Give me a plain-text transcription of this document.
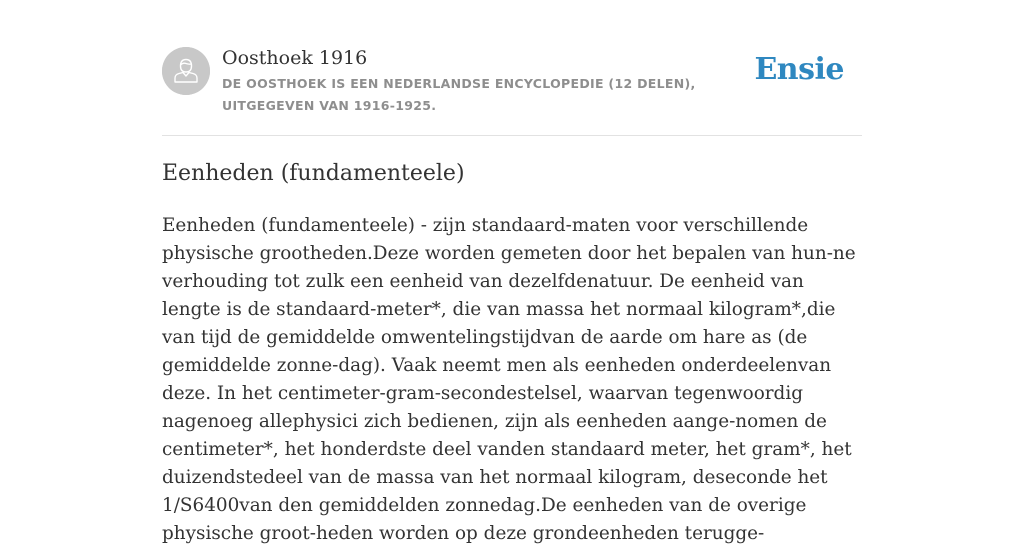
Oosthoek 1916
DE OOSTHOEK IS EEN NEDERLANDSE ENCYCLOPEDIE (12 DELEN), UITGEGEVEN VAN 1916-1925.
Ensie
Eenheden (fundamenteele)

Eenheden (fundamenteele) - zijn standaard-maten voor verschillende physische grootheden.Deze worden gemeten door het bepalen van hun-ne verhouding tot zulk een eenheid van dezelfdenatuur. De eenheid van lengte is de standaard-meter*, die van massa het normaal kilogram*,die van tijd de gemiddelde omwentelingstijdvan de aarde om hare as (de gemiddelde zonne-dag). Vaak neemt men als eenheden onderdeelenvan deze. In het centimeter-gram-secondestelsel, waarvan tegenwoordig nagenoeg allephysici zich bedienen, zijn als eenheden aange-nomen de centimeter*, het honderdste deel vanden standaard meter, het gram*, het duizendstedeel van de massa van het normaal kilogram, deseconde het 1/S6400van den gemiddelden zonnedag.De eenheden van de overige physische groot-heden worden op deze grondeenheden terugge-
